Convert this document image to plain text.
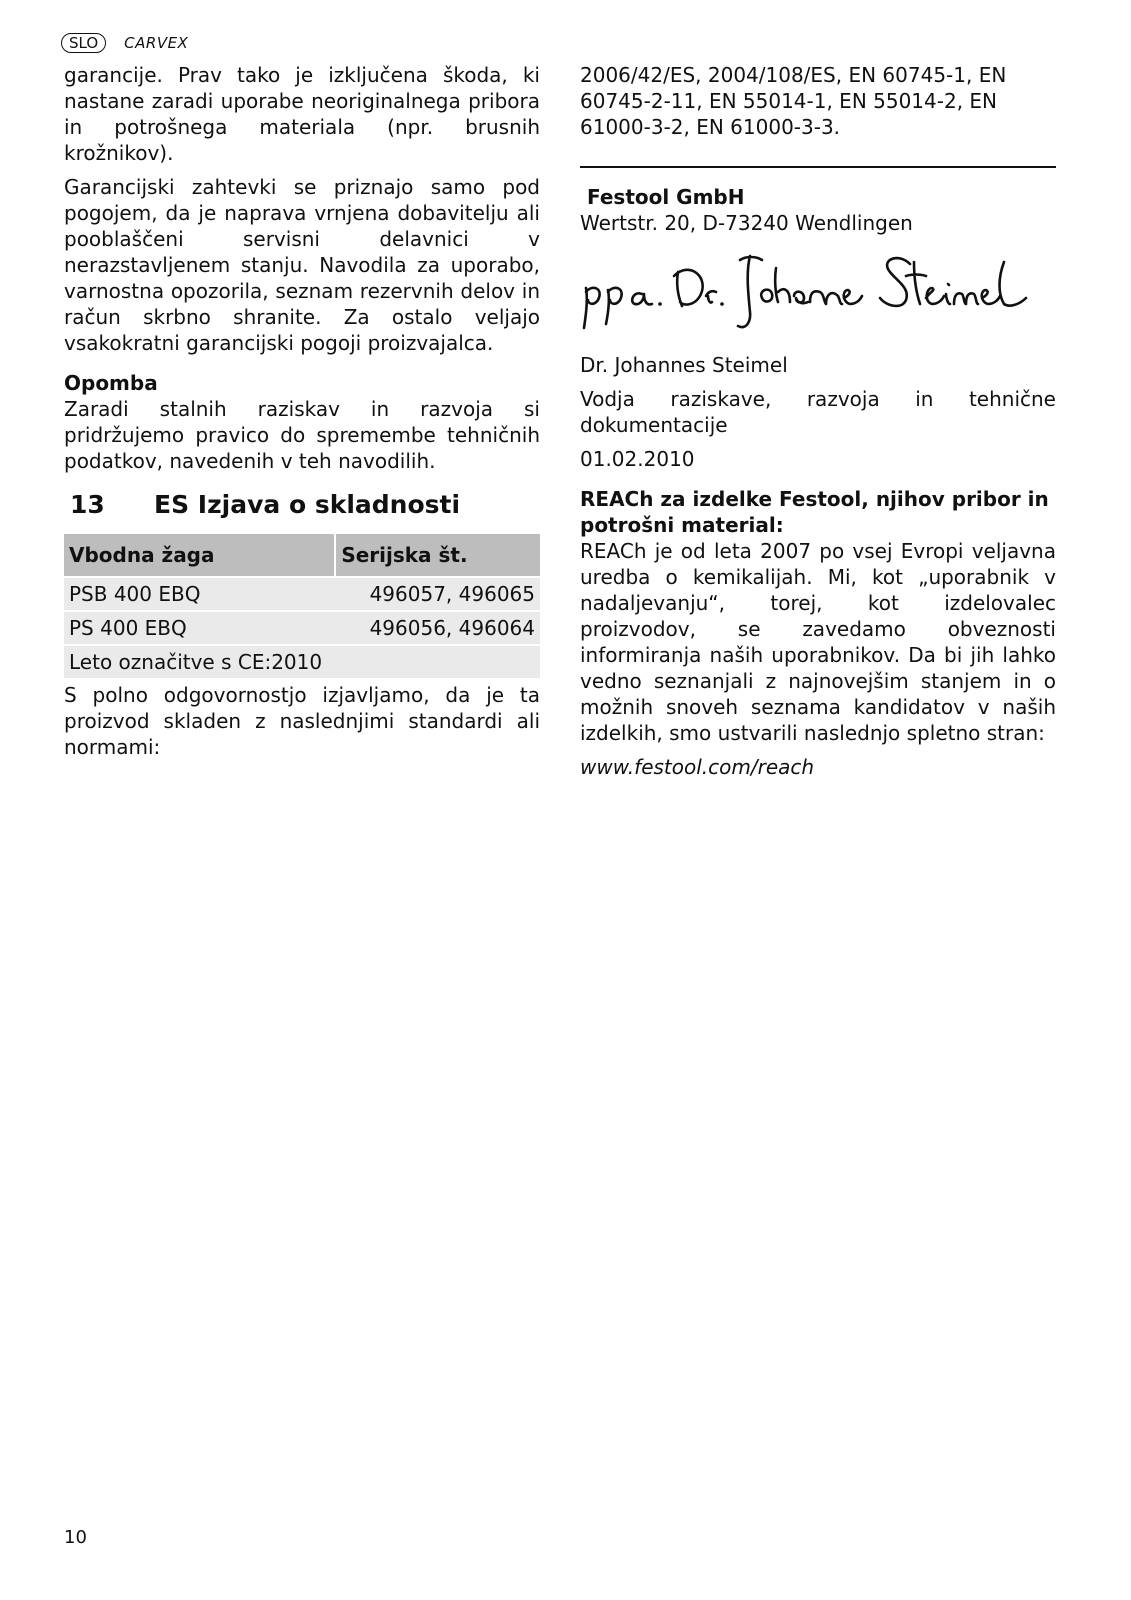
SLO	CARVEX

garancije. Prav tako je izključena škoda, ki nastane zaradi uporabe neoriginalnega pribora in potrošnega materiala (npr. brusnih krožnikov).

Garancijski zahtevki se priznajo samo pod pogojem, da je naprava vrnjena dobavitelju ali pooblaščeni servisni delavnici v nerazstavljenem stanju. Navodila za uporabo, varnostna opozorila, seznam rezervnih delov in račun skrbno shranite. Za ostalo veljajo vsakokratni garancijski pogoji proizvajalca.

Opomba

Zaradi stalnih raziskav in razvoja si pridržujemo pravico do spremembe tehničnih podatkov, navedenih v teh navodilih.

13	ES Izjava o skladnosti
Vbodna žaga	Serijska št.
PSB 400 EBQ	496057, 496065
PS 400 EBQ	496056, 496064
Leto označitve s CE:2010	

S polno odgovornostjo izjavljamo, da je ta proizvod skladen z naslednjimi standardi ali normami:

2006/42/ES, 2004/108/ES, EN 60745-1, EN 60745-2-11, EN 55014-1, EN 55014-2, EN 61000-3-2, EN 61000-3-3.

Festool GmbH

Wertstr. 20, D-73240 Wendlingen

Dr. Johannes Steimel

Vodja raziskave, razvoja in tehnične dokumentacije

01.02.2010

REACh za izdelke Festool, njihov pribor in potrošni material:

REACh je od leta 2007 po vsej Evropi veljavna uredba o kemikalijah. Mi, kot „uporabnik v nadaljevanju“, torej, kot izdelovalec proizvodov, se zavedamo obveznosti informiranja naših uporabnikov. Da bi jih lahko vedno seznanjali z najnovejšim stanjem in o možnih snoveh seznama kandidatov v naših izdelkih, smo ustvarili naslednjo spletno stran:

www.festool.com/reach

10
